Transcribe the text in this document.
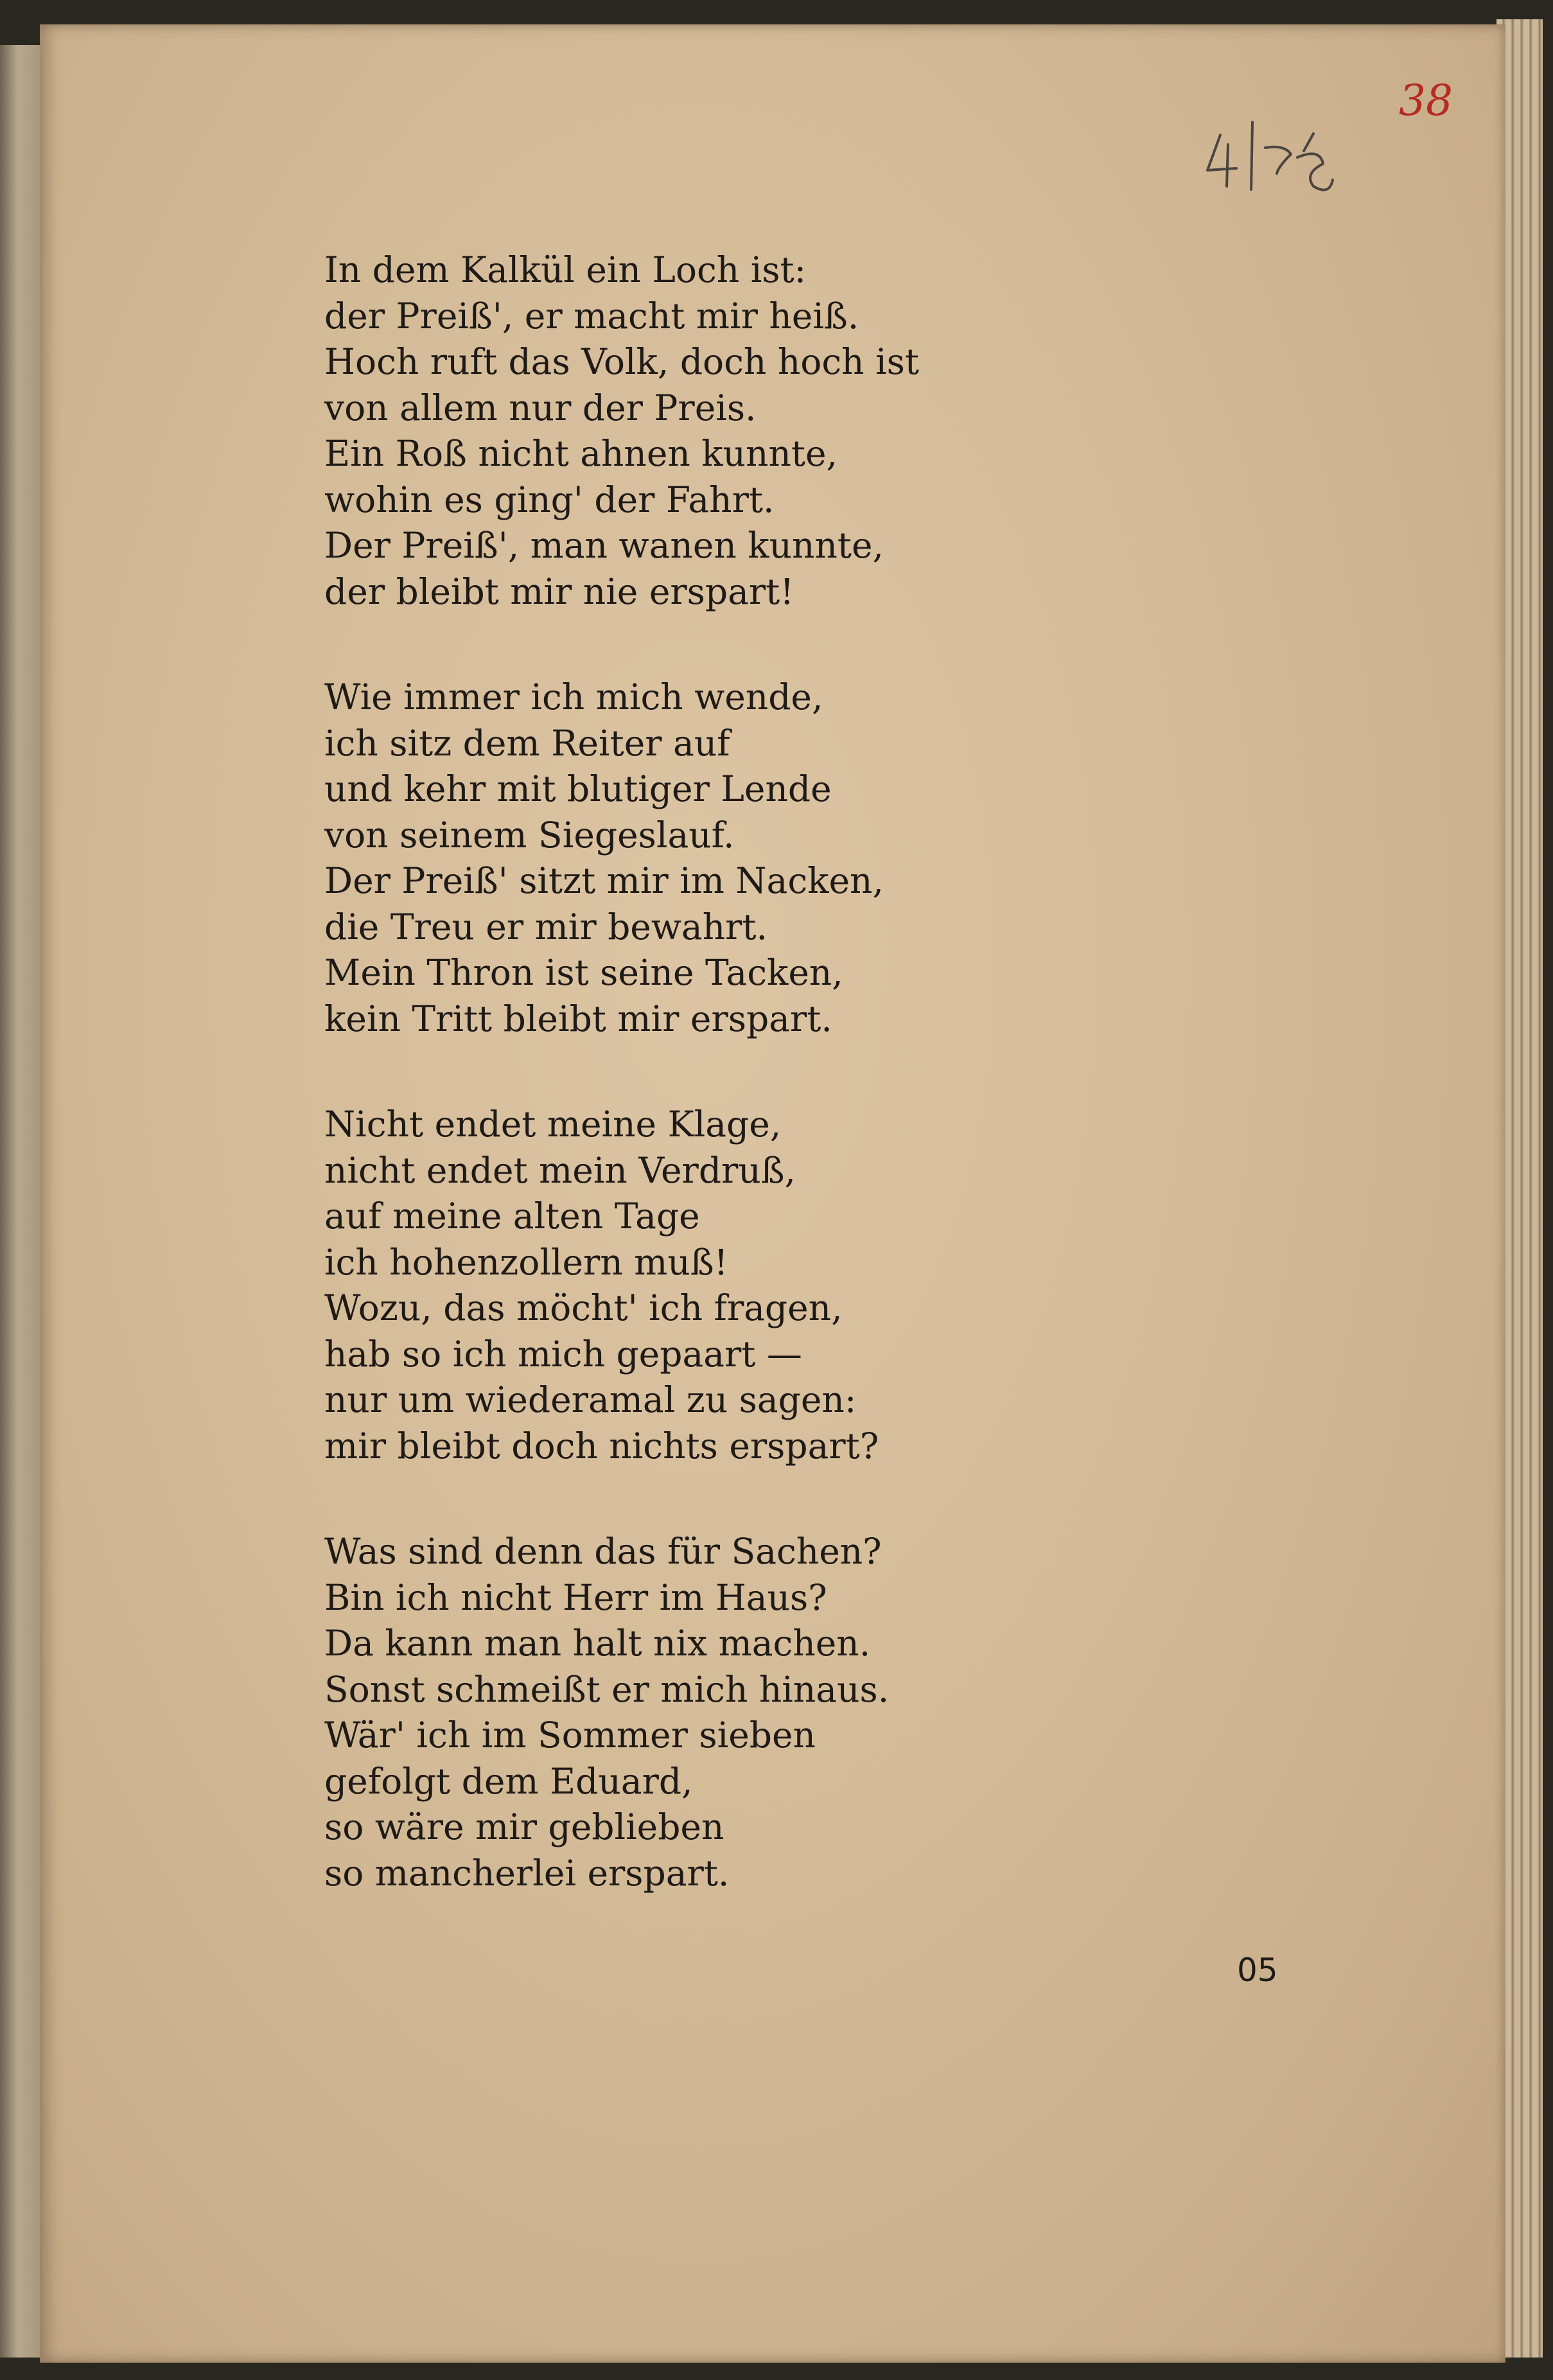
38
In dem Kalkül ein Loch ist:
der Preiß', er macht mir heiß.
Hoch ruft das Volk, doch hoch ist
von allem nur der Preis.
Ein Roß nicht ahnen kunnte,
wohin es ging' der Fahrt.
Der Preiß', man wanen kunnte,
der bleibt mir nie erspart!
Wie immer ich mich wende,
ich sitz dem Reiter auf
und kehr mit blutiger Lende
von seinem Siegeslauf.
Der Preiß' sitzt mir im Nacken,
die Treu er mir bewahrt.
Mein Thron ist seine Tacken,
kein Tritt bleibt mir erspart.
Nicht endet meine Klage,
nicht endet mein Verdruß,
auf meine alten Tage
ich hohenzollern muß!
Wozu, das möcht' ich fragen,
hab so ich mich gepaart —
nur um wiederamal zu sagen:
mir bleibt doch nichts erspart?
Was sind denn das für Sachen?
Bin ich nicht Herr im Haus?
Da kann man halt nix machen.
Sonst schmeißt er mich hinaus.
Wär' ich im Sommer sieben
gefolgt dem Eduard,
so wäre mir geblieben
so mancherlei erspart.
05
